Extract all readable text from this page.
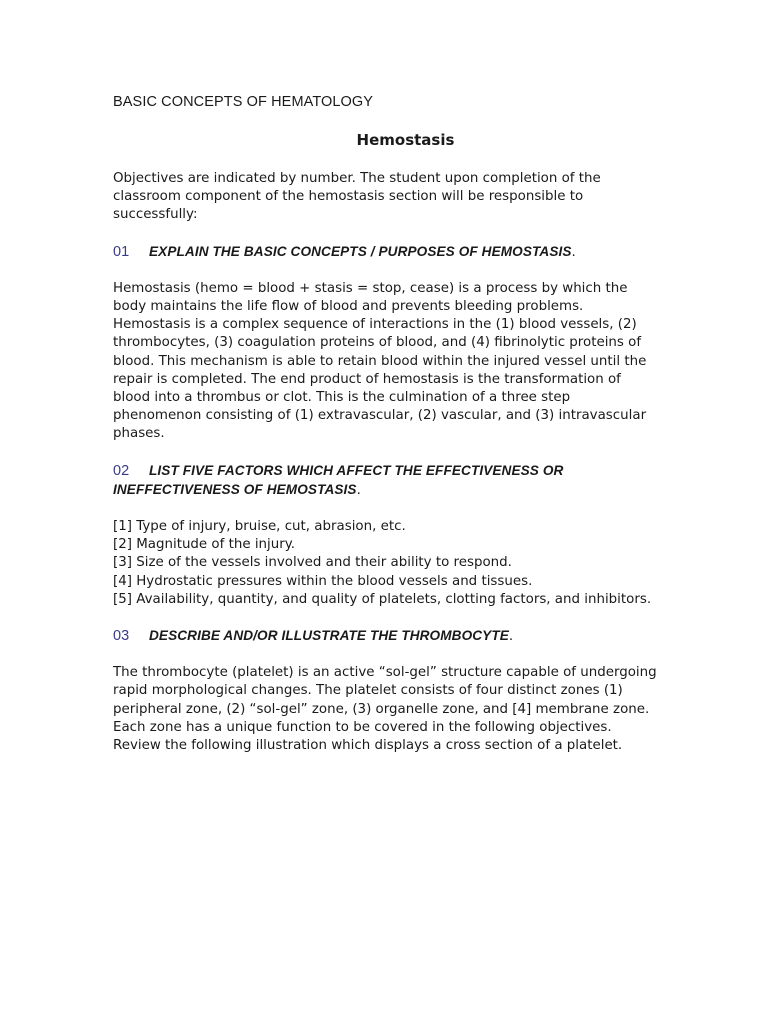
BASIC CONCEPTS OF HEMATOLOGY

Hemostasis

Objectives are indicated by number. The student upon completion of the classroom component of the hemostasis section will be responsible to successfully:

01 EXPLAIN THE BASIC CONCEPTS / PURPOSES OF HEMOSTASIS.

Hemostasis (hemo = blood + stasis = stop, cease) is a process by which the body maintains the life flow of blood and prevents bleeding problems. Hemostasis is a complex sequence of interactions in the (1) blood vessels, (2) thrombocytes, (3) coagulation proteins of blood, and (4) fibrinolytic proteins of blood. This mechanism is able to retain blood within the injured vessel until the repair is completed. The end product of hemostasis is the transformation of blood into a thrombus or clot. This is the culmination of a three step phenomenon consisting of (1) extravascular, (2) vascular, and (3) intravascular phases.

02 LIST FIVE FACTORS WHICH AFFECT THE EFFECTIVENESS OR INEFFECTIVENESS OF HEMOSTASIS.
[1] Type of injury, bruise, cut, abrasion, etc.
[2] Magnitude of the injury.
[3] Size of the vessels involved and their ability to respond.
[4] Hydrostatic pressures within the blood vessels and tissues.
[5] Availability, quantity, and quality of platelets, clotting factors, and inhibitors.
03 DESCRIBE AND/OR ILLUSTRATE THE THROMBOCYTE.

The thrombocyte (platelet) is an active “sol-gel” structure capable of undergoing rapid morphological changes. The platelet consists of four distinct zones (1) peripheral zone, (2) “sol-gel” zone, (3) organelle zone, and [4] membrane zone. Each zone has a unique function to be covered in the following objectives. Review the following illustration which displays a cross section of a platelet.
